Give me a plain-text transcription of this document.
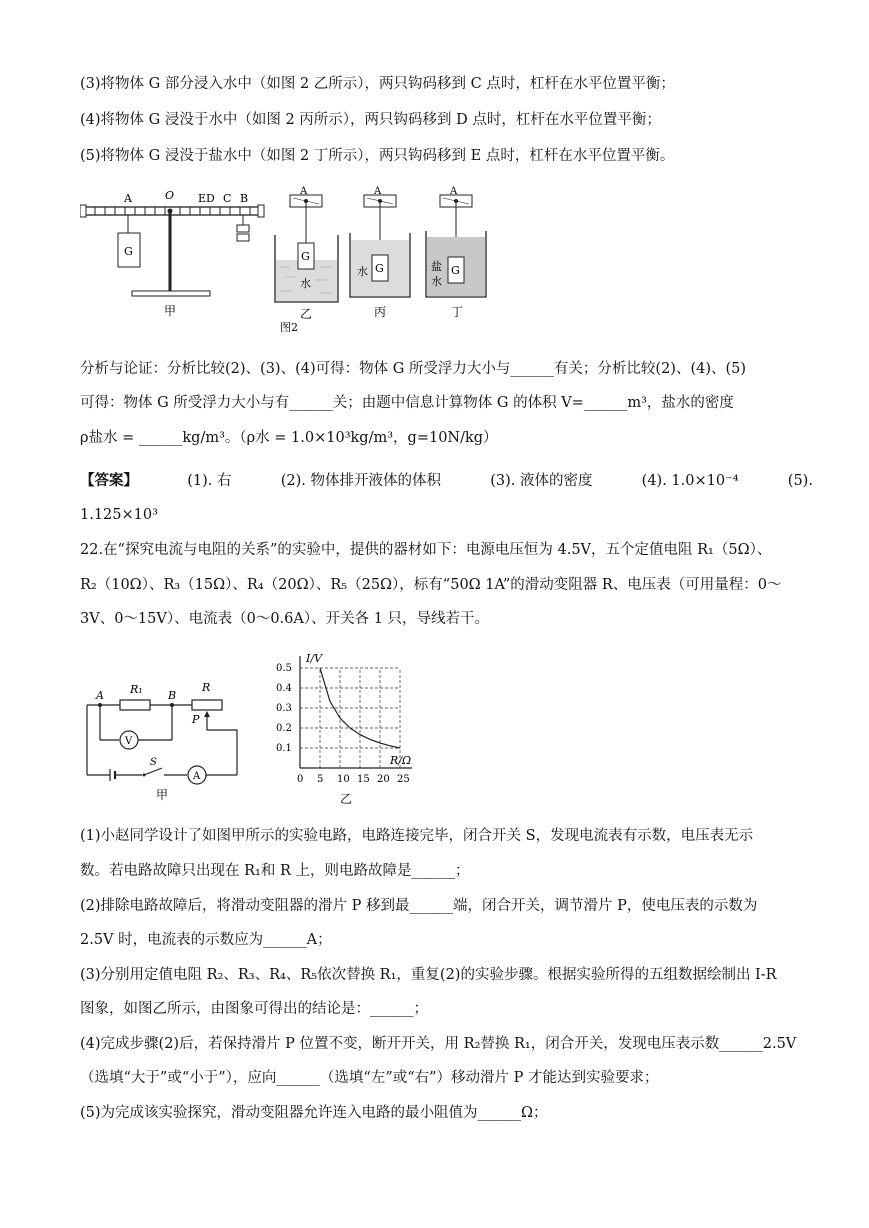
(3)将物体 G 部分浸入水中（如图 2 乙所示），两只钩码移到 C 点时，杠杆在水平位置平衡；
(4)将物体 G 浸没于水中（如图 2 丙所示），两只钩码移到 D 点时，杠杆在水平位置平衡；
(5)将物体 G 浸没于盐水中（如图 2 丁所示），两只钩码移到 E 点时，杠杆在水平位置平衡。
A	O ED C B
G
甲
A
G
水
乙
图2
A
G
水
丙
A
G
盐
水
丁
分析与论证：分析比较(2)、(3)、(4)可得：物体 G 所受浮力大小与______有关；分析比较(2)、(4)、(5)
可得：物体 G 所受浮力大小与有______关；由题中信息计算物体 G 的体积 V=______m³，盐水的密度
ρ盐水 = ______kg/m³。（ρ水 = 1.0×10³kg/m³，g=10N/kg）
【答案】	(1). 右	(2). 物体排开液体的体积	(3). 液体的密度	(4). 1.0×10⁻⁴	(5).
1.125×10³
22.在“探究电流与电阻的关系”的实验中，提供的器材如下：电源电压恒为 4.5V，五个定值电阻 R₁（5Ω）、
R₂（10Ω）、R₃（15Ω）、R₄（20Ω）、R₅（25Ω），标有“50Ω 1A”的滑动变阻器 R、电压表（可用量程：0～
3V、0～15V）、电流表（0～0.6A）、开关各 1 只，导线若干。
A R₁ B
R
P
V
S
A
甲
0 5 10 15 20 25
0.1
0.2
0.3
0.4
0.5
I/V
R/Ω
乙
(1)小赵同学设计了如图甲所示的实验电路，电路连接完毕，闭合开关 S，发现电流表有示数，电压表无示
数。若电路故障只出现在 R₁和 R 上，则电路故障是______；
(2)排除电路故障后，将滑动变阻器的滑片 P 移到最______端，闭合开关，调节滑片 P，使电压表的示数为
2.5V 时，电流表的示数应为______A；
(3)分别用定值电阻 R₂、R₃、R₄、R₅依次替换 R₁，重复(2)的实验步骤。根据实验所得的五组数据绘制出 I-R
图象，如图乙所示，由图象可得出的结论是：______；
(4)完成步骤(2)后，若保持滑片 P 位置不变，断开开关，用 R₂替换 R₁，闭合开关，发现电压表示数______2.5V
（选填“大于”或“小于”），应向______（选填“左”或“右”）移动滑片 P 才能达到实验要求；
(5)为完成该实验探究，滑动变阻器允许连入电路的最小阻值为______Ω；
